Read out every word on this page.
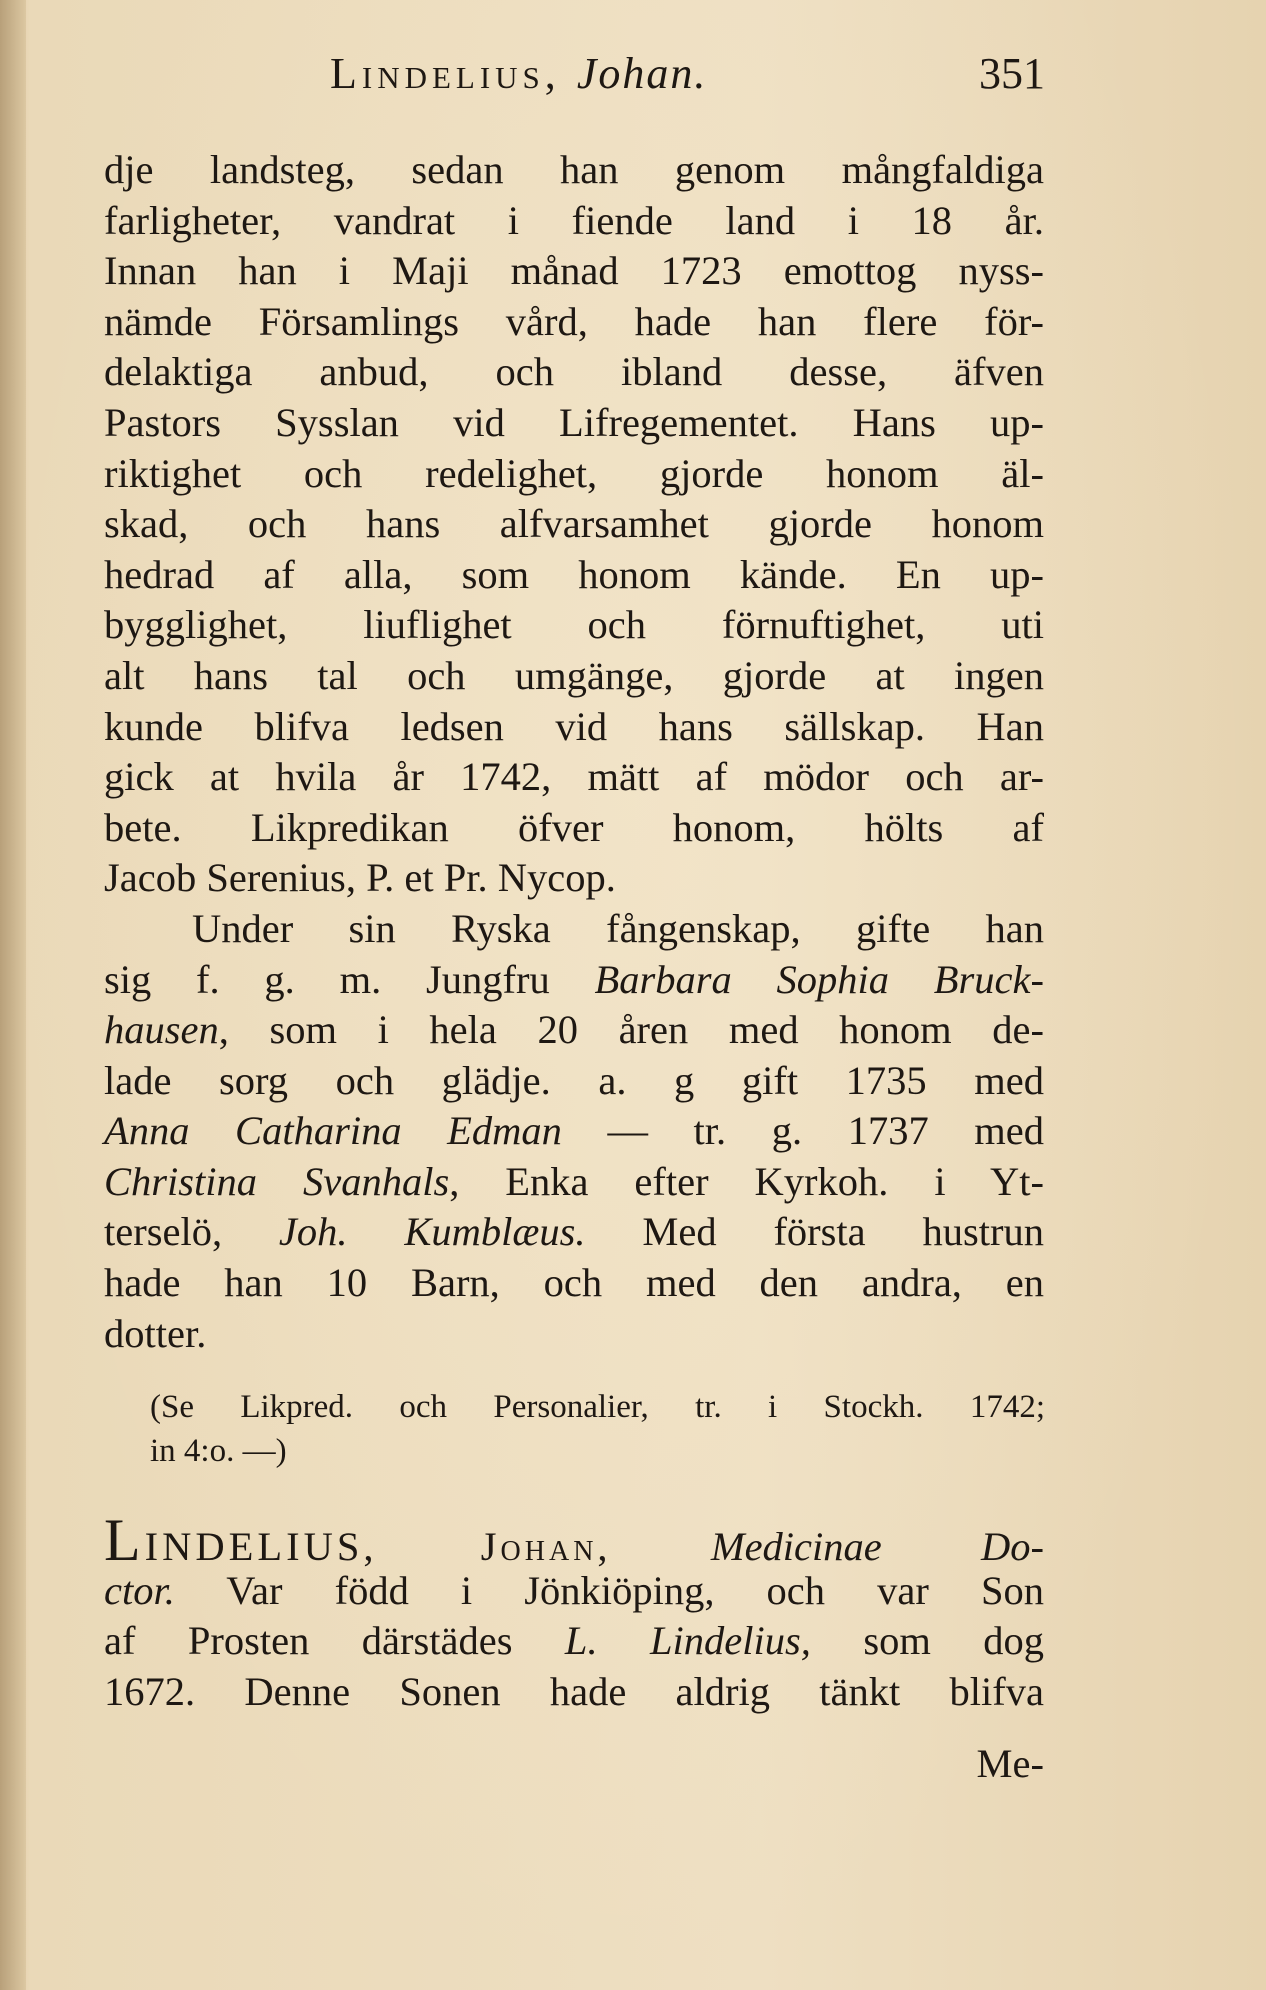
Lindelius, Johan.	351
dje landsteg, sedan han genom mångfaldiga
farligheter, vandrat i fiende land i 18 år.
Innan han i Maji månad 1723 emottog nyss-
nämde Församlings vård, hade han flere för-
delaktiga anbud, och ibland desse, äfven
Pastors Sysslan vid Lifregementet. Hans up-
riktighet och redelighet, gjorde honom äl-
skad, och hans alfvarsamhet gjorde honom
hedrad af alla, som honom kände. En up-
bygglighet, liuflighet och förnuftighet, uti
alt hans tal och umgänge, gjorde at ingen
kunde blifva ledsen vid hans sällskap. Han
gick at hvila år 1742, mätt af mödor och ar-
bete. Likpredikan öfver honom, hölts af
Jacob Serenius, P. et Pr. Nycop.
Under sin Ryska fångenskap, gifte han
sig f. g. m. Jungfru Barbara Sophia Bruck-
hausen, som i hela 20 åren med honom de-
lade sorg och glädje. a. g gift 1735 med
Anna Catharina Edman — tr. g. 1737 med
Christina Svanhals, Enka efter Kyrkoh. i Yt-
terselö, Joh. Kumblæus. Med första hustrun
hade han 10 Barn, och med den andra, en
dotter.
(Se Likpred. och Personalier, tr. i Stockh. 1742;
in 4:o. —)
LINDELIUS, Johan, Medicinae Do-
ctor. Var född i Jönkiöping, och var Son
af Prosten därstädes L. Lindelius, som dog
1672. Denne Sonen hade aldrig tänkt blifva
Me-
